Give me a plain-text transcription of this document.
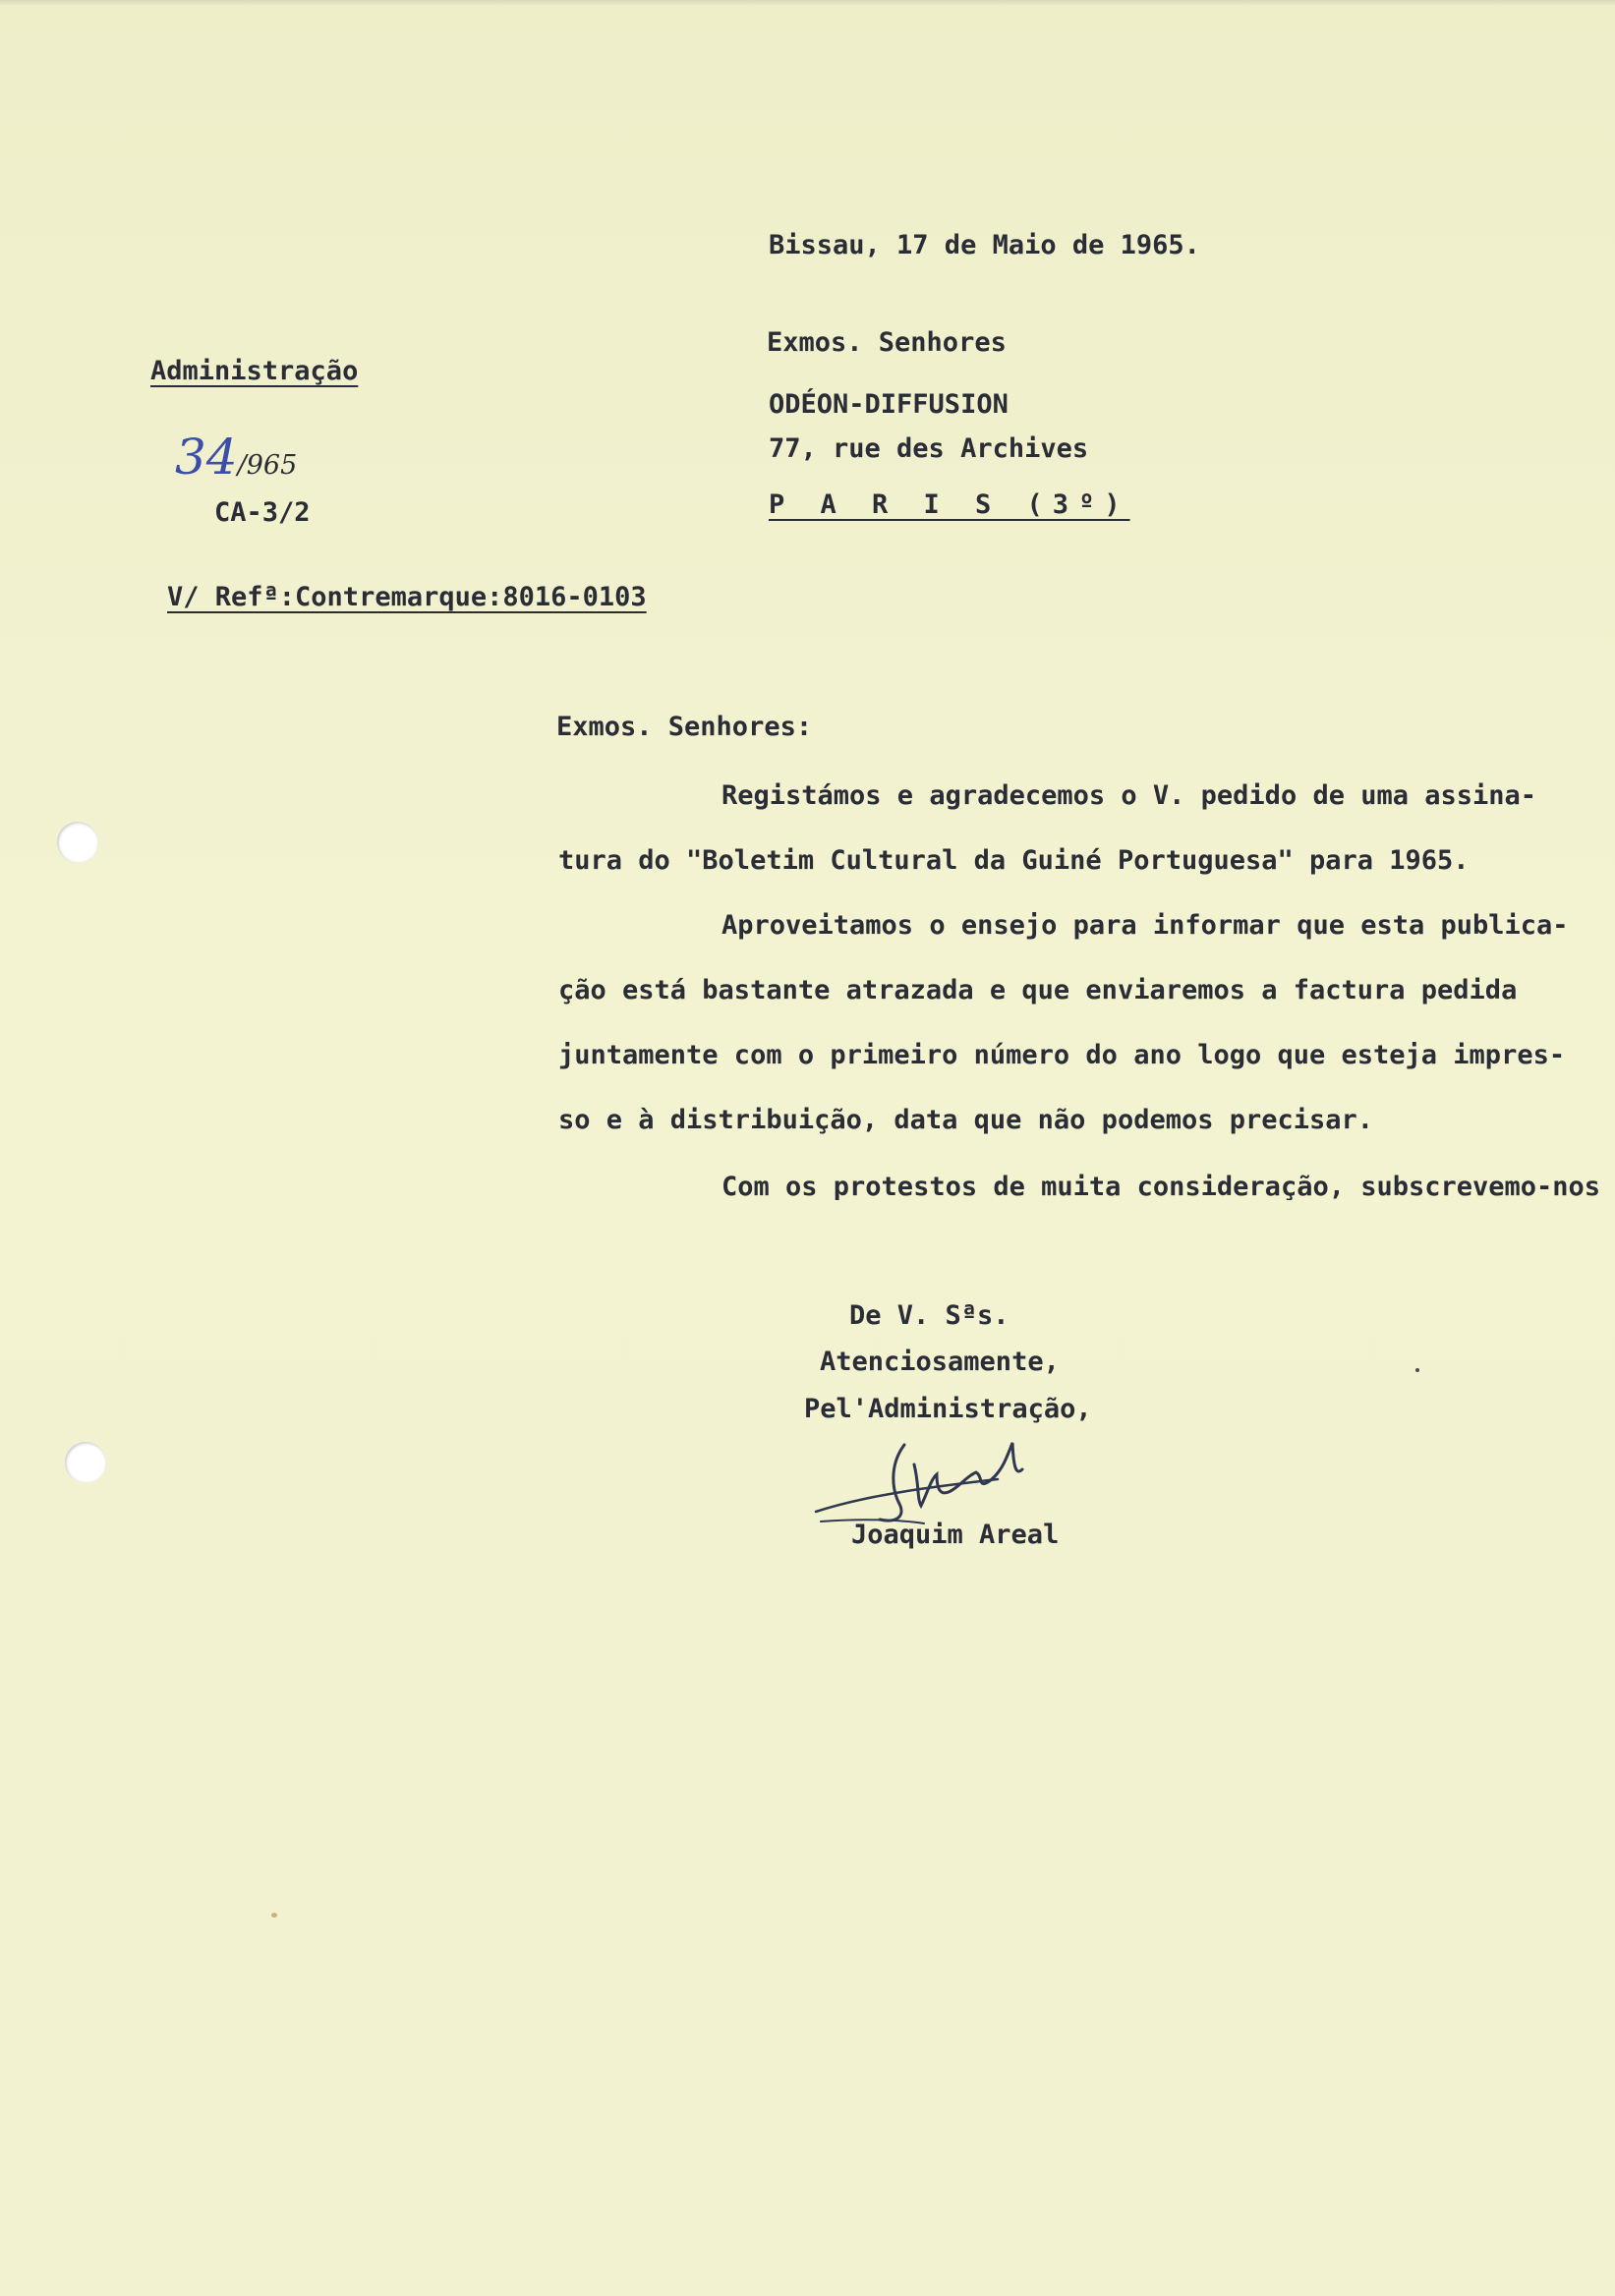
Bissau, 17 de Maio de 1965.
Exmos. Senhores
ODÉON-DIFFUSION
77, rue des Archives
P A R I S (3º)
Administração
34/965
CA-3/2
V/ Refª:Contremarque:8016-0103
Exmos. Senhores:
Registámos e agradecemos o V. pedido de uma assina-
tura do "Boletim Cultural da Guiné Portuguesa" para 1965.
Aproveitamos o ensejo para informar que esta publica-
ção está bastante atrazada e que enviaremos a factura pedida
juntamente com o primeiro número do ano logo que esteja impres-
so e à distribuição, data que não podemos precisar.
Com os protestos de muita consideração, subscrevemo-nos
De V. Sªs.
Atenciosamente,
Pel'Administração,
Joaquim Areal
